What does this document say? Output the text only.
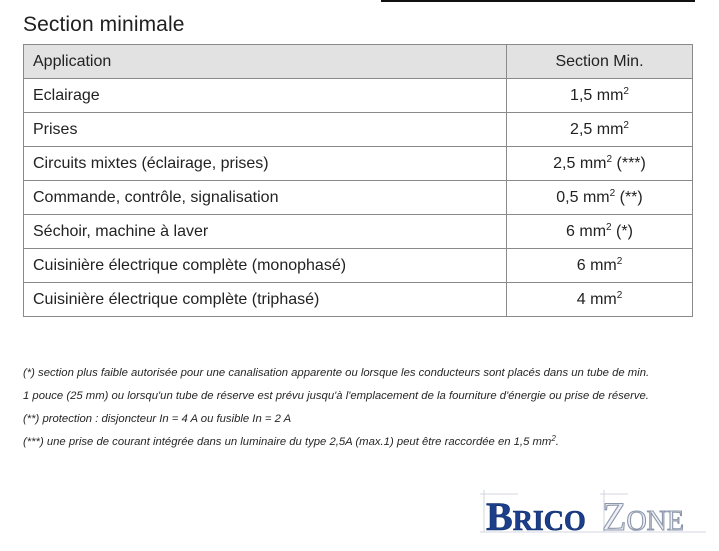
Section minimale
Application	Section Min.
Eclairage	1,5 $mm^2$
Prises	2,5 $mm^2$
Circuits mixtes (éclairage, prises)	2,5 $mm^2$ (***)
Commande, contrôle, signalisation	0,5 $mm^2$ (**)
Séchoir, machine à laver	6 $mm^2$ (*)
Cuisinière électrique complète (monophasé)	6 $mm^2$
Cuisinière électrique complète (triphasé)	4 $mm^2$

(*) section plus faible autorisée pour une canalisation apparente ou lorsque les conducteurs sont placés dans un tube de min.

1 pouce (25 mm) ou lorsqu'un tube de réserve est prévu jusqu'à l'emplacement de la fourniture d'énergie ou prise de réserve.

(**) protection : disjoncteur In = 4 A ou fusible In = 2 A

(***) une prise de courant intégrée dans un luminaire du type 2,5A (max.1) peut être raccordée en 1,5 $mm^2$.

BRICO ZONE
